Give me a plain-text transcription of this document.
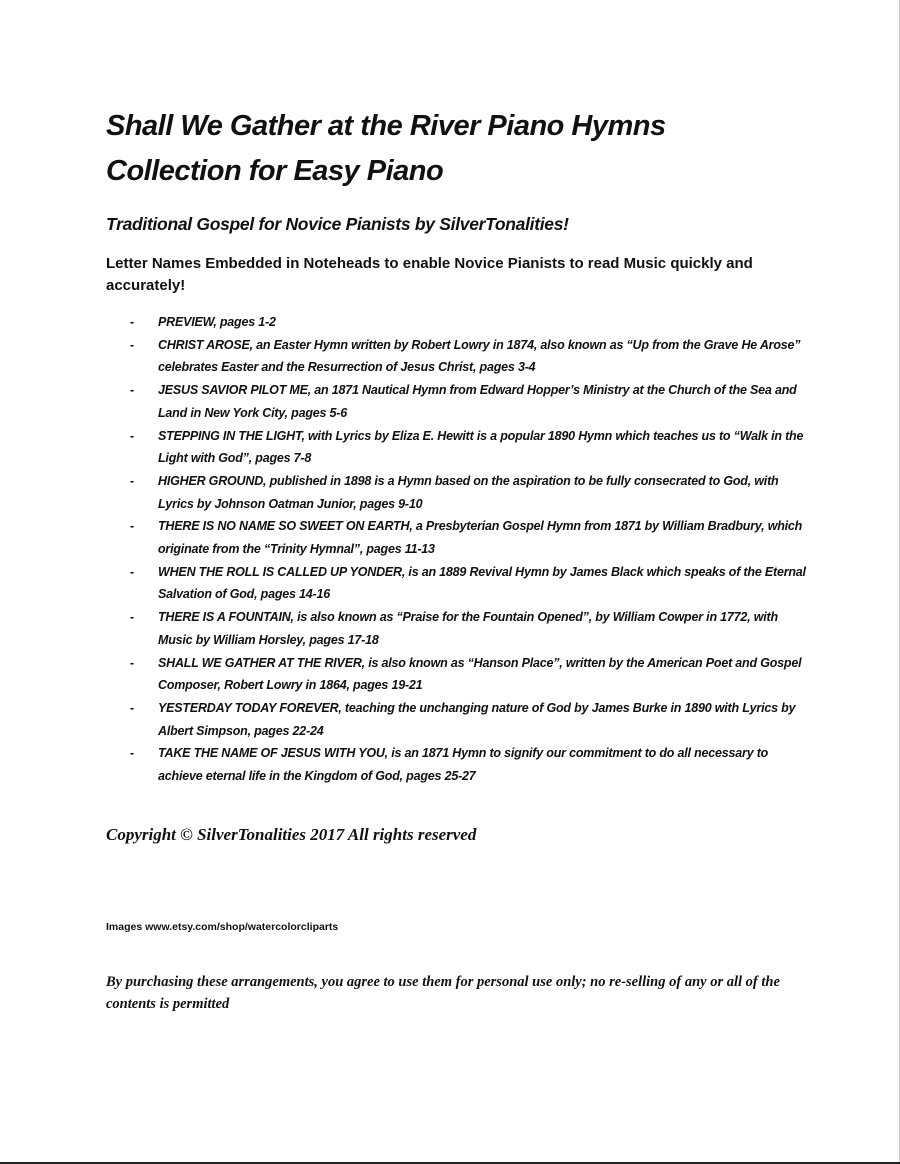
Shall We Gather at the River Piano Hymns
Collection for Easy Piano

Traditional Gospel for Novice Pianists by SilverTonalities!

Letter Names Embedded in Noteheads to enable Novice Pianists to read Music quickly and accurately!

- PREVIEW, pages 1-2
- CHRIST AROSE, an Easter Hymn written by Robert Lowry in 1874, also known as “Up from the Grave He Arose” celebrates Easter and the Resurrection of Jesus Christ, pages 3-4
- JESUS SAVIOR PILOT ME, an 1871 Nautical Hymn from Edward Hopper’s Ministry at the Church of the Sea and Land in New York City, pages 5-6
- STEPPING IN THE LIGHT, with Lyrics by Eliza E. Hewitt is a popular 1890 Hymn which teaches us to “Walk in the Light with God”, pages 7-8
- HIGHER GROUND, published in 1898 is a Hymn based on the aspiration to be fully consecrated to God, with Lyrics by Johnson Oatman Junior, pages 9-10
- THERE IS NO NAME SO SWEET ON EARTH, a Presbyterian Gospel Hymn from 1871 by William Bradbury, which originate from the “Trinity Hymnal”, pages 11-13
- WHEN THE ROLL IS CALLED UP YONDER, is an 1889 Revival Hymn by James Black which speaks of the Eternal Salvation of God, pages 14-16
- THERE IS A FOUNTAIN, is also known as “Praise for the Fountain Opened”, by William Cowper in 1772, with Music by William Horsley, pages 17-18
- SHALL WE GATHER AT THE RIVER, is also known as “Hanson Place”, written by the American Poet and Gospel Composer, Robert Lowry in 1864, pages 19-21
- YESTERDAY TODAY FOREVER, teaching the unchanging nature of God by James Burke in 1890 with Lyrics by Albert Simpson, pages 22-24
- TAKE THE NAME OF JESUS WITH YOU, is an 1871 Hymn to signify our commitment to do all necessary to achieve eternal life in the Kingdom of God, pages 25-27

Copyright © SilverTonalities 2017 All rights reserved

Images www.etsy.com/shop/watercolorcliparts

By purchasing these arrangements, you agree to use them for personal use only; no re-selling of any or all of the contents is permitted
